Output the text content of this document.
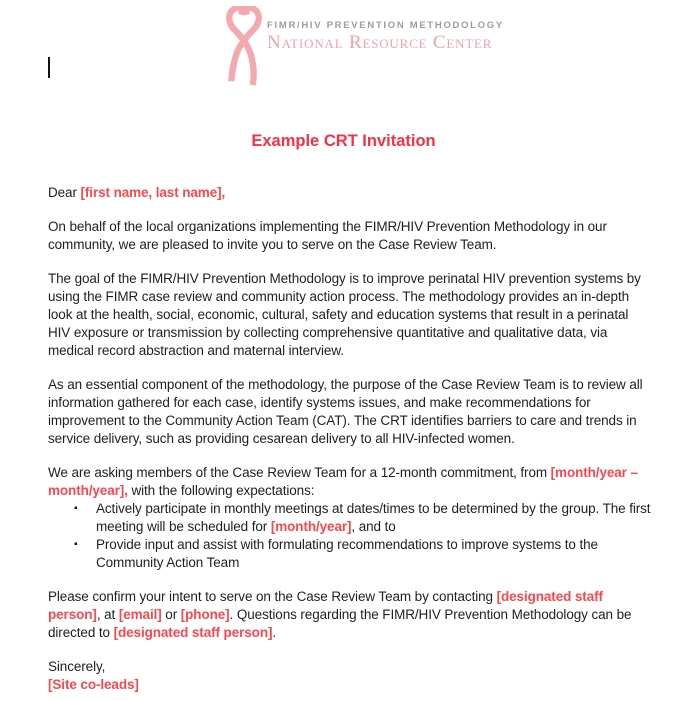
FIMR/HIV PREVENTION METHODOLOGY
National Resource Center
Example CRT Invitation

Dear [first name, last name],

On behalf of the local organizations implementing the FIMR/HIV Prevention Methodology in our community, we are pleased to invite you to serve on the Case Review Team.

The goal of the FIMR/HIV Prevention Methodology is to improve perinatal HIV prevention systems by using the FIMR case review and community action process. The methodology provides an in-depth look at the health, social, economic, cultural, safety and education systems that result in a perinatal HIV exposure or transmission by collecting comprehensive quantitative and qualitative data, via medical record abstraction and maternal interview.

As an essential component of the methodology, the purpose of the Case Review Team is to review all information gathered for each case, identify systems issues, and make recommendations for improvement to the Community Action Team (CAT). The CRT identifies barriers to care and trends in service delivery, such as providing cesarean delivery to all HIV-infected women.

We are asking members of the Case Review Team for a 12-month commitment, from [month/year – month/year], with the following expectations:

▪ Actively participate in monthly meetings at dates/times to be determined by the group. The first meeting will be scheduled for [month/year], and to
▪ Provide input and assist with formulating recommendations to improve systems to the Community Action Team

Please confirm your intent to serve on the Case Review Team by contacting [designated staff person], at [email] or [phone]. Questions regarding the FIMR/HIV Prevention Methodology can be directed to [designated staff person].

Sincerely,

[Site co-leads]
